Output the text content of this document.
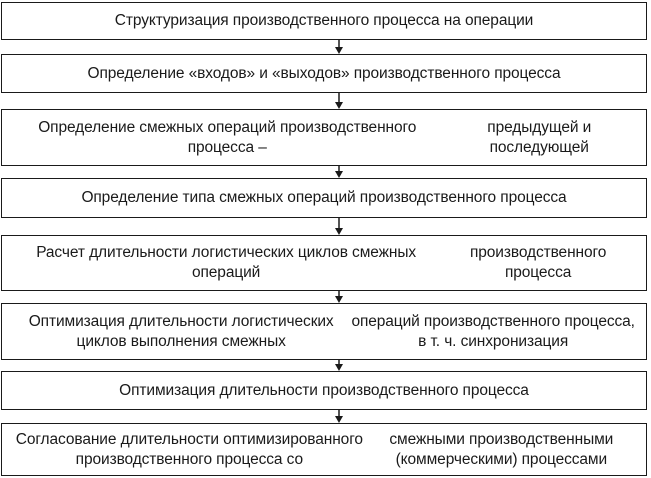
Структуризация производственного процесса на операции
Определение «входов» и «выходов» производственного процесса
Определение смежных операций производственного процесса –
предыдущей и последующей
Определение типа смежных операций производственного процесса
Расчет длительности логистических циклов смежных операций
производственного процесса
Оптимизация длительности логистических циклов выполнения смежных
операций производственного процесса, в т. ч. синхронизация
Оптимизация длительности производственного процесса
Согласование длительности оптимизированного производственного процесса со
смежными производственными (коммерческими) процессами
